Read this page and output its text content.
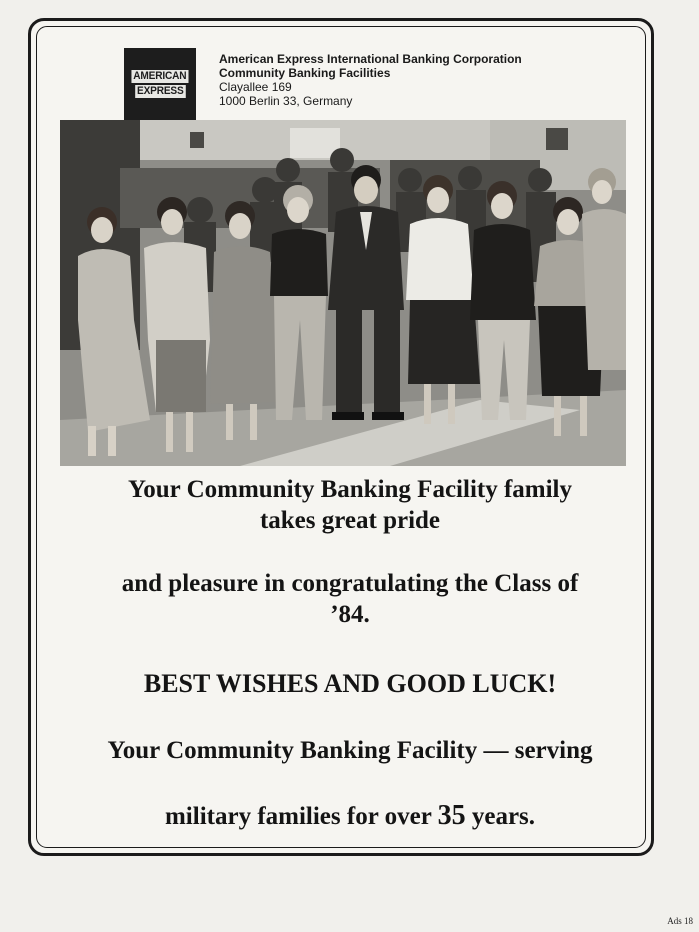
AMERICAN
EXPRESS
American Express International Banking Corporation
Community Banking Facilities
Clayallee 169
1000 Berlin 33, Germany
Your Community Banking Facility family
takes great pride
and pleasure in congratulating the Class of
’84.
BEST WISHES AND GOOD LUCK!
Your Community Banking Facility — serving
military families for over 35 years.
Ads 18
